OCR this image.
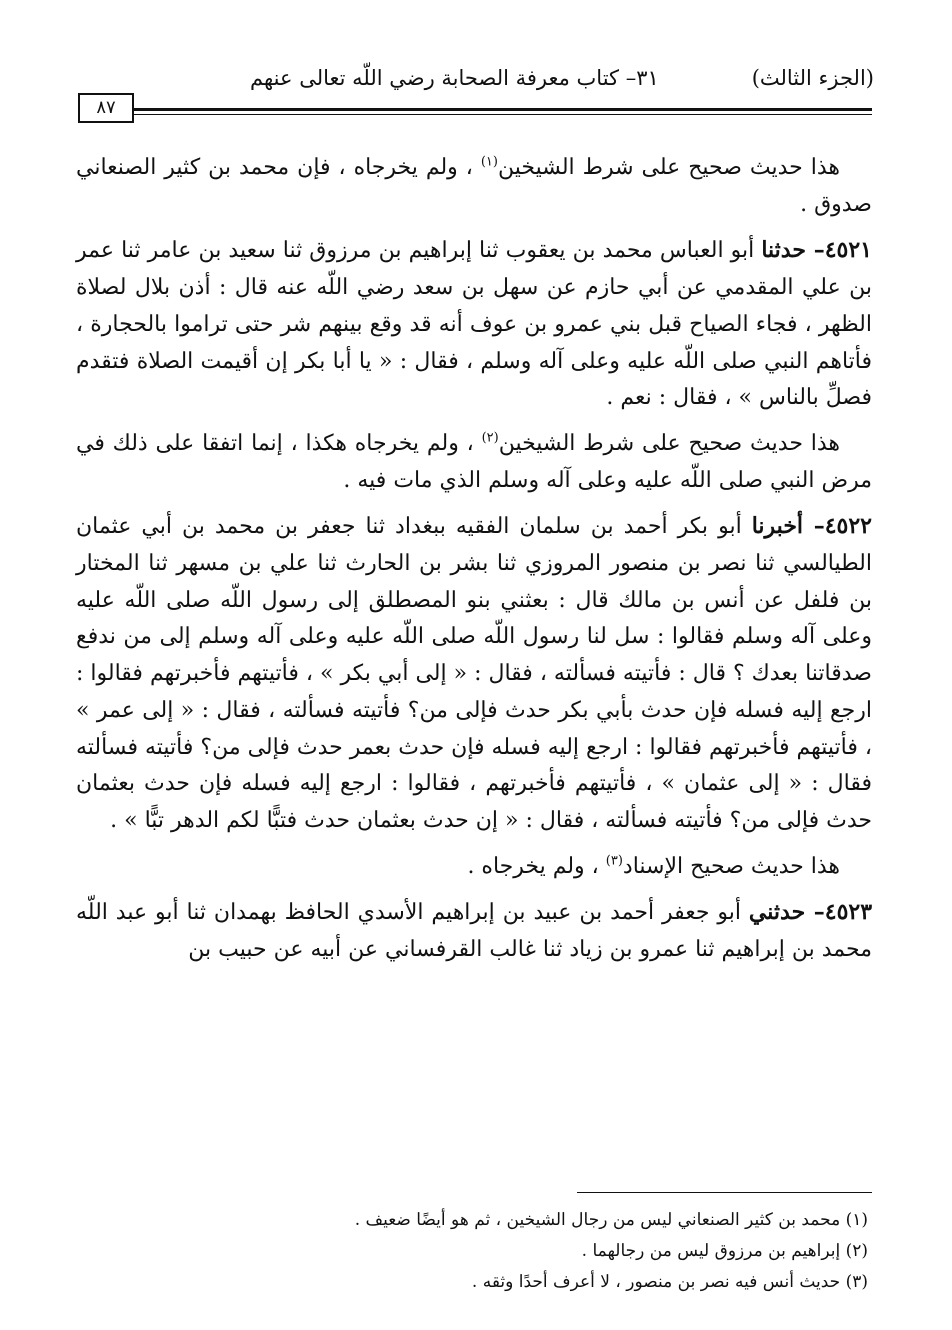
(الجزء الثالث)
٣١– كتاب معرفة الصحابة رضي اللّه تعالى عنهم
٨٧

هذا حديث صحيح على شرط الشيخين$^{(١)}$ ، ولم يخرجاه ، فإن محمد بن كثير الصنعاني صدوق .

٤٥٢١– حدثنا أبو العباس محمد بن يعقوب ثنا إبراهيم بن مرزوق ثنا سعيد بن عامر ثنا عمر بن علي المقدمي عن أبي حازم عن سهل بن سعد رضي اللّه عنه قال : أذن بلال لصلاة الظهر ، فجاء الصياح قبل بني عمرو بن عوف أنه قد وقع بينهم شر حتى تراموا بالحجارة ، فأتاهم النبي صلى اللّه عليه وعلى آله وسلم ، فقال : « يا أبا بكر إن أقيمت الصلاة فتقدم فصلِّ بالناس » ، فقال : نعم .

هذا حديث صحيح على شرط الشيخين$^{(٢)}$ ، ولم يخرجاه هكذا ، إنما اتفقا على ذلك في مرض النبي صلى اللّه عليه وعلى آله وسلم الذي مات فيه .

٤٥٢٢– أخبرنا أبو بكر أحمد بن سلمان الفقيه ببغداد ثنا جعفر بن محمد بن أبي عثمان الطيالسي ثنا نصر بن منصور المروزي ثنا بشر بن الحارث ثنا علي بن مسهر ثنا المختار بن فلفل عن أنس بن مالك قال : بعثني بنو المصطلق إلى رسول اللّه صلى اللّه عليه وعلى آله وسلم فقالوا : سل لنا رسول اللّه صلى اللّه عليه وعلى آله وسلم إلى من ندفع صدقاتنا بعدك ؟ قال : فأتيته فسألته ، فقال : « إلى أبي بكر » ، فأتيتهم فأخبرتهم فقالوا : ارجع إليه فسله فإن حدث بأبي بكر حدث فإلى من؟ فأتيته فسألته ، فقال : « إلى عمر » ، فأتيتهم فأخبرتهم فقالوا : ارجع إليه فسله فإن حدث بعمر حدث فإلى من؟ فأتيته فسألته فقال : « إلى عثمان » ، فأتيتهم فأخبرتهم ، فقالوا : ارجع إليه فسله فإن حدث بعثمان حدث فإلى من؟ فأتيته فسألته ، فقال : « إن حدث بعثمان حدث فتبًّا لكم الدهر تبًّا » .

هذا حديث صحيح الإسناد$^{(٣)}$ ، ولم يخرجاه .

٤٥٢٣– حدثني أبو جعفر أحمد بن عبيد بن إبراهيم الأسدي الحافظ بهمدان ثنا أبو عبد اللّه محمد بن إبراهيم ثنا عمرو بن زياد ثنا غالب القرفساني عن أبيه عن حبيب بن

(١) محمد بن كثير الصنعاني ليس من رجال الشيخين ، ثم هو أيضًا ضعيف .

(٢) إبراهيم بن مرزوق ليس من رجالهما .

(٣) حديث أنس فيه نصر بن منصور ، لا أعرف أحدًا وثقه .
